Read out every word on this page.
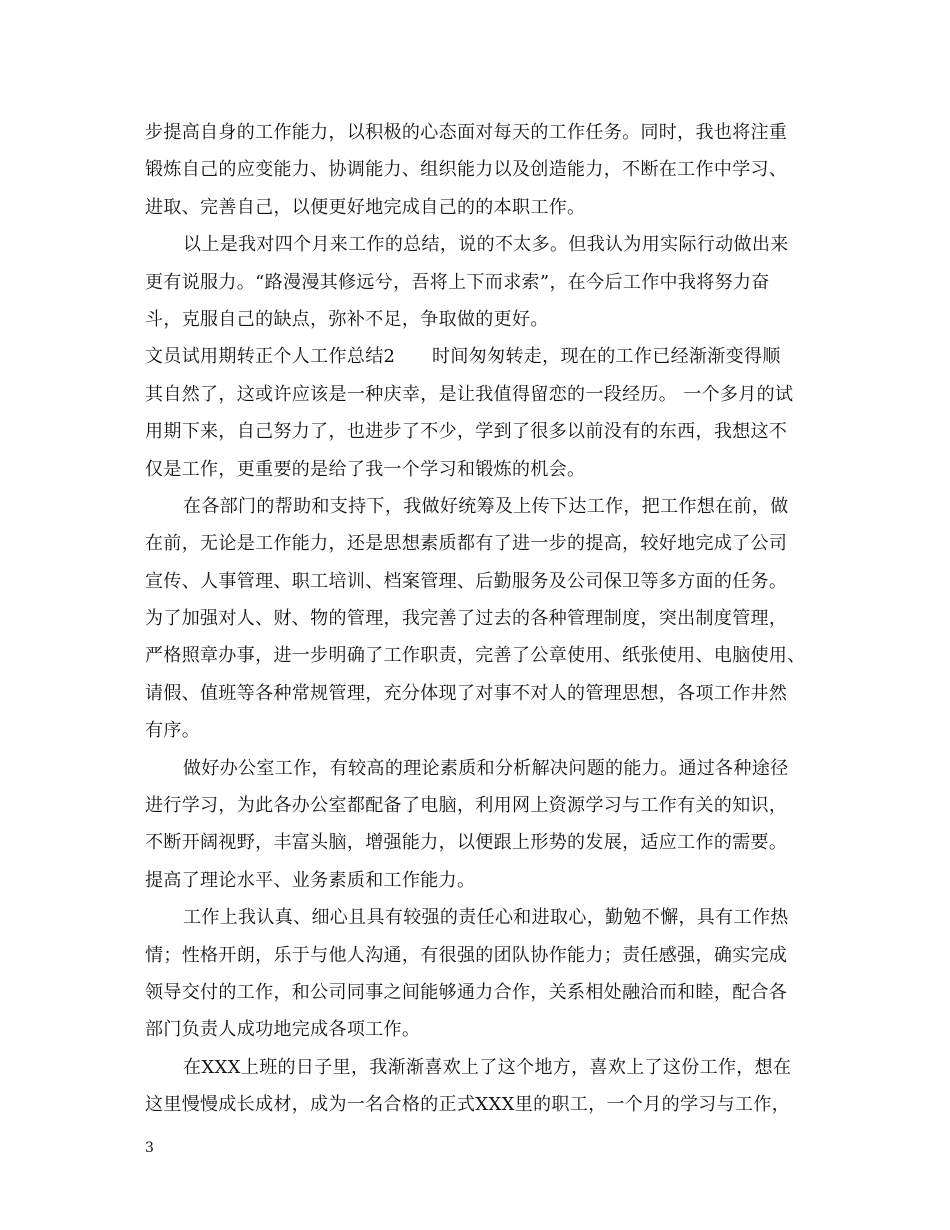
步提高自身的工作能力，以积极的心态面对每天的工作任务。同时，我也将注重
锻炼自己的应变能力、协调能力、组织能力以及创造能力，不断在工作中学习、
进取、完善自己，以便更好地完成自己的的本职工作。
以上是我对四个月来工作的总结，说的不太多。但我认为用实际行动做出来
更有说服力。“路漫漫其修远兮，吾将上下而求索”，在今后工作中我将努力奋
斗，克服自己的缺点，弥补不足，争取做的更好。
文员试用期转正个人工作总结2　　时间匆匆转走，现在的工作已经渐渐变得顺
其自然了，这或许应该是一种庆幸，是让我值得留恋的一段经历。 一个多月的试
用期下来，自己努力了，也进步了不少，学到了很多以前没有的东西，我想这不
仅是工作，更重要的是给了我一个学习和锻炼的机会。
在各部门的帮助和支持下，我做好统筹及上传下达工作，把工作想在前，做
在前，无论是工作能力，还是思想素质都有了进一步的提高，较好地完成了公司
宣传、人事管理、职工培训、档案管理、后勤服务及公司保卫等多方面的任务。
为了加强对人、财、物的管理，我完善了过去的各种管理制度，突出制度管理，
严格照章办事，进一步明确了工作职责，完善了公章使用、纸张使用、电脑使用、
请假、值班等各种常规管理，充分体现了对事不对人的管理思想，各项工作井然
有序。
做好办公室工作，有较高的理论素质和分析解决问题的能力。通过各种途径
进行学习，为此各办公室都配备了电脑，利用网上资源学习与工作有关的知识，
不断开阔视野，丰富头脑，增强能力，以便跟上形势的发展，适应工作的需要。
提高了理论水平、业务素质和工作能力。
工作上我认真、细心且具有较强的责任心和进取心，勤勉不懈，具有工作热
情；性格开朗，乐于与他人沟通，有很强的团队协作能力；责任感强，确实完成
领导交付的工作，和公司同事之间能够通力合作，关系相处融洽而和睦，配合各
部门负责人成功地完成各项工作。
在XXX上班的日子里，我渐渐喜欢上了这个地方，喜欢上了这份工作，想在
这里慢慢成长成材，成为一名合格的正式XXX里的职工，一个月的学习与工作，
3
